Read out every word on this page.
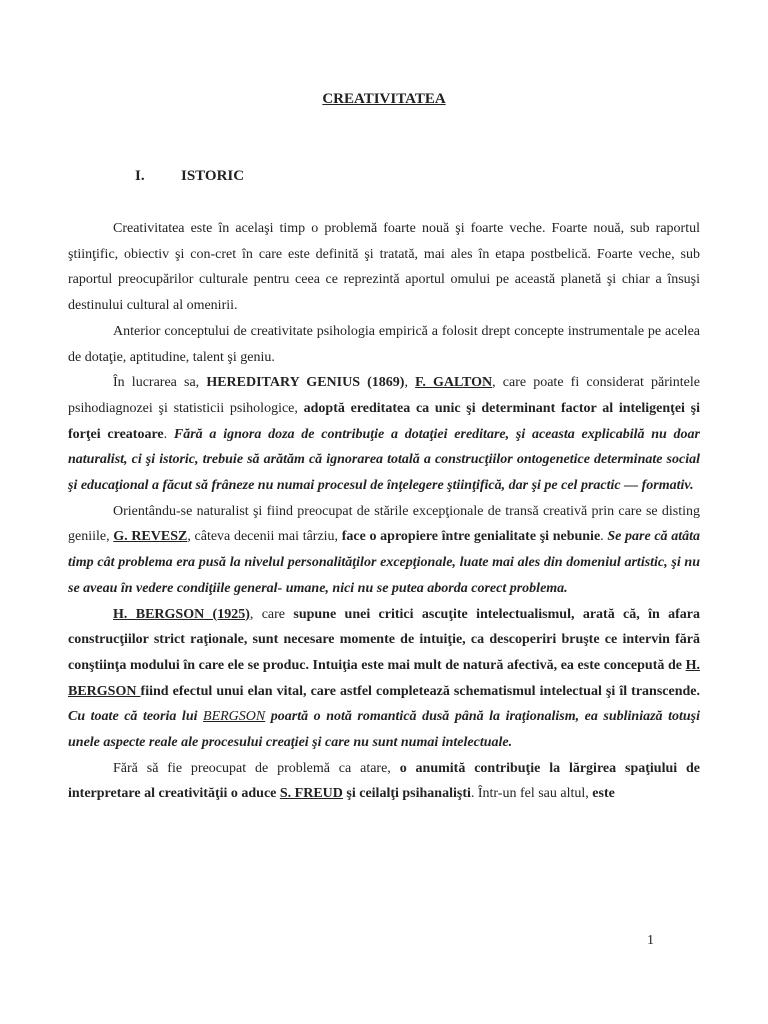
CREATIVITATEA
I. ISTORIC

Creativitatea este în acelaşi timp o problemă foarte nouă şi foarte veche. Foarte nouă, sub raportul ştiinţific, obiectiv şi con-cret în care este definită şi tratată, mai ales în etapa postbelică. Foarte veche, sub raportul preocupărilor culturale pentru ceea ce reprezintă aportul omului pe această planetă şi chiar a însuşi destinului cultural al omenirii.

Anterior conceptului de creativitate psihologia empirică a folosit drept concepte instrumentale pe acelea de dotaţie, aptitudine, talent şi geniu.

În lucrarea sa, HEREDITARY GENIUS (1869), F. GALTON, care poate fi considerat părintele psihodiagnozei şi statisticii psihologice, adoptă ereditatea ca unic şi determinant factor al inteligenţei şi forţei creatoare. Fără a ignora doza de contribuţie a dotaţiei ereditare, şi aceasta explicabilă nu doar naturalist, ci şi istoric, trebuie să arătăm că ignorarea totală a construcţiilor ontogenetice determinate social şi educaţional a făcut să frâneze nu numai procesul de înţelegere ştiinţifică, dar şi pe cel practic — formativ.

Orientându-se naturalist şi fiind preocupat de stările excepţionale de transă creativă prin care se disting geniile, G. REVESZ, câteva decenii mai târziu, face o apropiere între genialitate şi nebunie. Se pare că atâta timp cât problema era pusă la nivelul personalităţilor excepţionale, luate mai ales din domeniul artistic, şi nu se aveau în vedere condiţiile general- umane, nici nu se putea aborda corect problema.

H. BERGSON (1925), care supune unei critici ascuţite intelectualismul, arată că, în afara construcţiilor strict raţionale, sunt necesare momente de intuiţie, ca descoperiri bruşte ce intervin fără conştiinţa modului în care ele se produc. Intuiţia este mai mult de natură afectivă, ea este concepută de H. BERGSON fiind efectul unui elan vital, care astfel completează schematismul intelectual şi îl transcende. Cu toate că teoria lui BERGSON poartă o notă romantică dusă până la iraţionalism, ea subliniază totuşi unele aspecte reale ale procesului creaţiei şi care nu sunt numai intelectuale.

Fără să fie preocupat de problemă ca atare, o anumită contribuţie la lărgirea spaţiului de interpretare al creativităţii o aduce S. FREUD şi ceilalţi psihanalişti. Într-un fel sau altul, este

1
